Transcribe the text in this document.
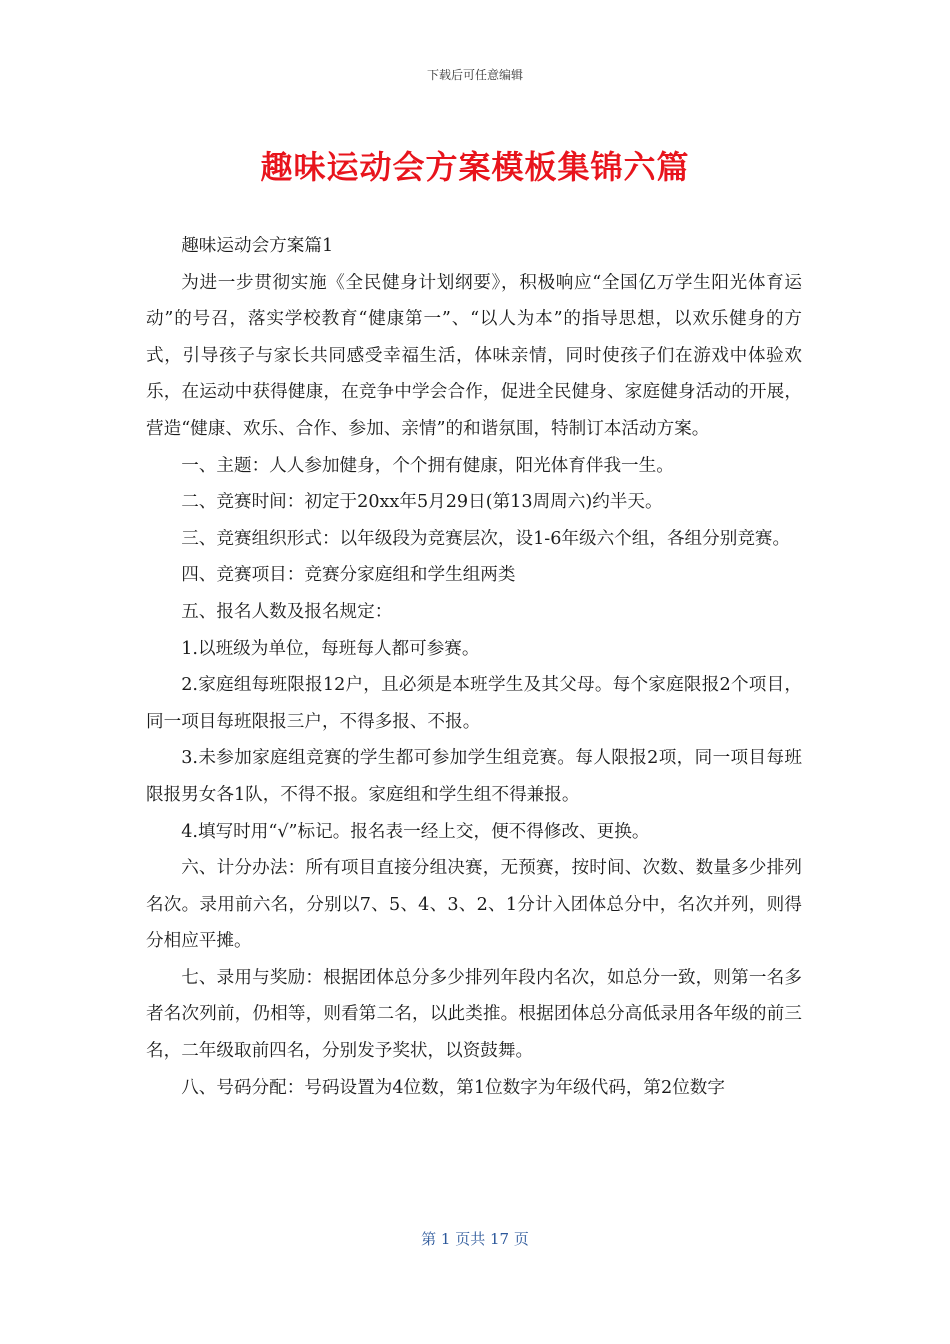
下载后可任意编辑
趣味运动会方案模板集锦六篇

趣味运动会方案篇1

为进一步贯彻实施《全民健身计划纲要》，积极响应“全国亿万学生阳光体育运动”的号召，落实学校教育“健康第一”、“以人为本”的指导思想，以欢乐健身的方式，引导孩子与家长共同感受幸福生活，体味亲情，同时使孩子们在游戏中体验欢乐，在运动中获得健康，在竞争中学会合作，促进全民健身、家庭健身活动的开展，营造“健康、欢乐、合作、参加、亲情”的和谐氛围，特制订本活动方案。

一、主题：人人参加健身，个个拥有健康，阳光体育伴我一生。

二、竞赛时间：初定于20xx年5月29日(第13周周六)约半天。

三、竞赛组织形式：以年级段为竞赛层次，设1-6年级六个组，各组分别竞赛。

四、竞赛项目：竞赛分家庭组和学生组两类

五、报名人数及报名规定：

1.以班级为单位，每班每人都可参赛。

2.家庭组每班限报12户，且必须是本班学生及其父母。每个家庭限报2个项目，同一项目每班限报三户，不得多报、不报。

3.未参加家庭组竞赛的学生都可参加学生组竞赛。每人限报2项，同一项目每班限报男女各1队，不得不报。家庭组和学生组不得兼报。

4.填写时用“√”标记。报名表一经上交，便不得修改、更换。

六、计分办法：所有项目直接分组决赛，无预赛，按时间、次数、数量多少排列名次。录用前六名，分别以7、5、4、3、2、1分计入团体总分中，名次并列，则得分相应平摊。

七、录用与奖励：根据团体总分多少排列年段内名次，如总分一致，则第一名多者名次列前，仍相等，则看第二名，以此类推。根据团体总分高低录用各年级的前三名，二年级取前四名，分别发予奖状，以资鼓舞。

八、号码分配：号码设置为4位数，第1位数字为年级代码，第2位数字

第 1 页共 17 页
